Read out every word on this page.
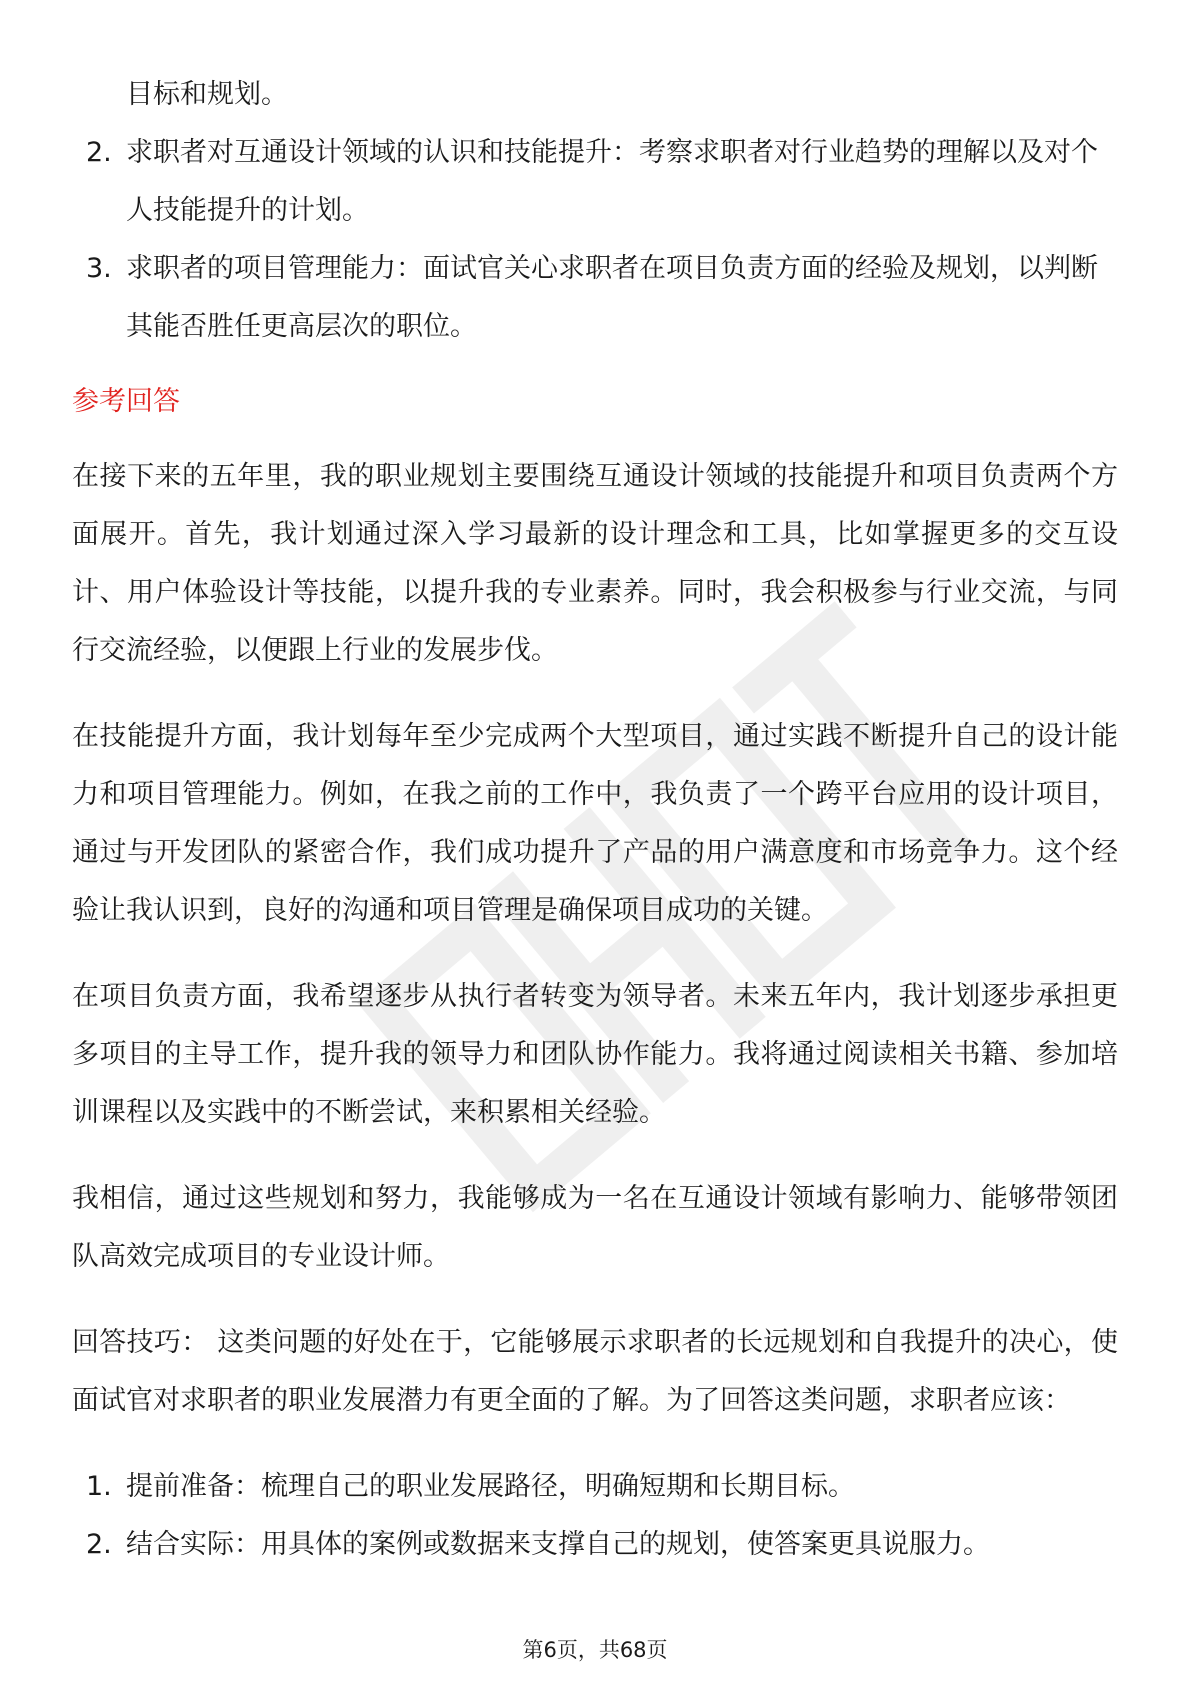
目标和规划。
2. 求职者对互通设计领域的认识和技能提升：考察求职者对行业趋势的理解以及对个人技能提升的计划。
3. 求职者的项目管理能力：面试官关心求职者在项目负责方面的经验及规划，以判断其能否胜任更高层次的职位。
参考回答

在接下来的五年里，我的职业规划主要围绕互通设计领域的技能提升和项目负责两个方面展开。首先，我计划通过深入学习最新的设计理念和工具，比如掌握更多的交互设计、用户体验设计等技能，以提升我的专业素养。同时，我会积极参与行业交流，与同行交流经验，以便跟上行业的发展步伐。

在技能提升方面，我计划每年至少完成两个大型项目，通过实践不断提升自己的设计能力和项目管理能力。例如，在我之前的工作中，我负责了一个跨平台应用的设计项目，通过与开发团队的紧密合作，我们成功提升了产品的用户满意度和市场竞争力。这个经验让我认识到，良好的沟通和项目管理是确保项目成功的关键。

在项目负责方面，我希望逐步从执行者转变为领导者。未来五年内，我计划逐步承担更多项目的主导工作，提升我的领导力和团队协作能力。我将通过阅读相关书籍、参加培训课程以及实践中的不断尝试，来积累相关经验。

我相信，通过这些规划和努力，我能够成为一名在互通设计领域有影响力、能够带领团队高效完成项目的专业设计师。

回答技巧： 这类问题的好处在于，它能够展示求职者的长远规划和自我提升的决心，使面试官对求职者的职业发展潜力有更全面的了解。为了回答这类问题，求职者应该：

1. 提前准备：梳理自己的职业发展路径，明确短期和长期目标。
2. 结合实际：用具体的案例或数据来支撑自己的规划，使答案更具说服力。
第6页，共68页
